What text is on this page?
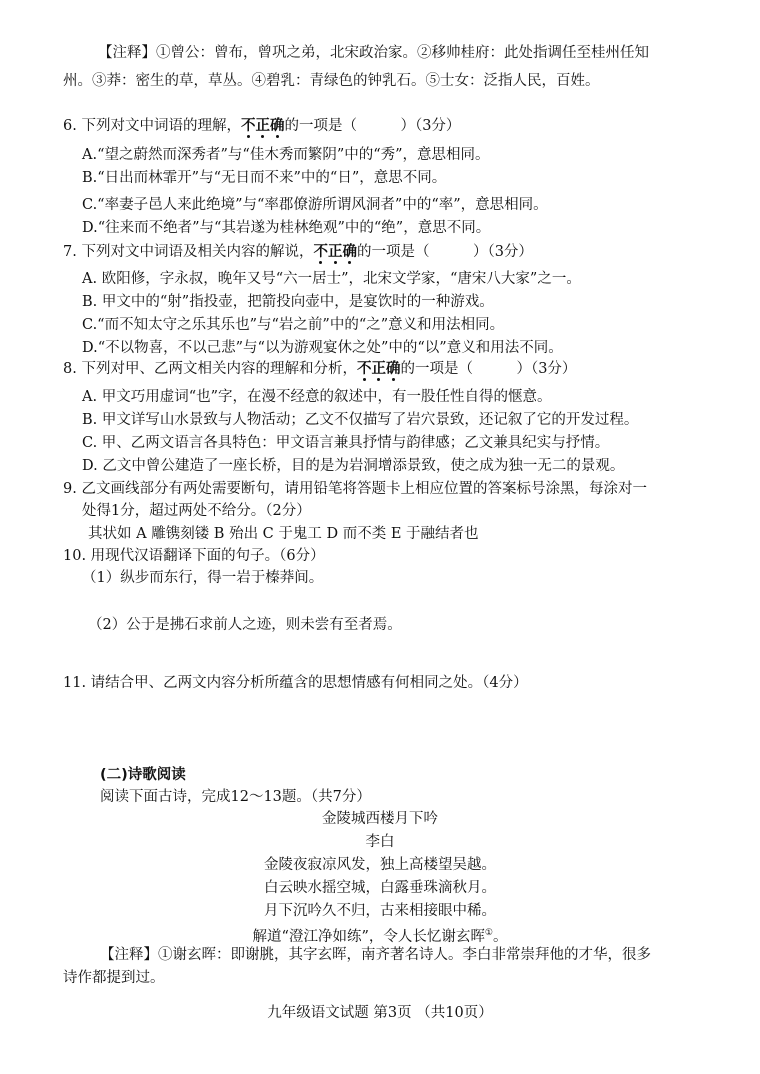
【注释】①曾公：曾布，曾巩之弟，北宋政治家。②移帅桂府：此处指调任至桂州任知
州。③莽：密生的草，草丛。④碧乳：青绿色的钟乳石。⑤士女：泛指人民，百姓。
6. 下列对文中词语的理解，不
正
确
的一项是（　　　）（3分）
A.“望之蔚然而深秀者”与“佳木秀而繁阴”中的“秀”，意思相同。
B.“日出而林霏开”与“无日而不来”中的“日”，意思不同。
C.“率妻子邑人来此绝境”与“率郡僚游所谓风洞者”中的“率”，意思相同。
D.“往来而不绝者”与“其岩遂为桂林绝观”中的“绝”，意思不同。
7. 下列对文中词语及相关内容的解说，不
正
确
的一项是（　　　）（3分）
A. 欧阳修，字永叔，晚年又号“六一居士”，北宋文学家，“唐宋八大家”之一。
B. 甲文中的“射”指投壶，把箭投向壶中，是宴饮时的一种游戏。
C.“而不知太守之乐其乐也”与“岩之前”中的“之”意义和用法相同。
D.“不以物喜，不以己悲”与“以为游观宴休之处”中的“以”意义和用法不同。
8. 下列对甲、乙两文相关内容的理解和分析，不
正
确
的一项是（　　　）（3分）
A. 甲文巧用虚词“也”字，在漫不经意的叙述中，有一股任性自得的惬意。
B. 甲文详写山水景致与人物活动；乙文不仅描写了岩穴景致，还记叙了它的开发过程。
C. 甲、乙两文语言各具特色：甲文语言兼具抒情与韵律感；乙文兼具纪实与抒情。
D. 乙文中曾公建造了一座长桥，目的是为岩洞增添景致，使之成为独一无二的景观。
9. 乙文画线部分有两处需要断句，请用铅笔将答题卡上相应位置的答案标号涂黑，每涂对一
处得1分，超过两处不给分。（2分）
其状如 A 雕镌刻镂 B 殆出 C 于鬼工 D 而不类 E 于融结者也
10. 用现代汉语翻译下面的句子。（6分）
（1）纵步而东行，得一岩于榛莽间。
（2）公于是拂石求前人之迹，则未尝有至者焉。
11. 请结合甲、乙两文内容分析所蕴含的思想情感有何相同之处。（4分）
(二)诗歌阅读
阅读下面古诗，完成12～13题。（共7分）
金陵城西楼月下吟
李白
金陵夜寂凉风发，独上高楼望吴越。
白云映水摇空城，白露垂珠滴秋月。
月下沉吟久不归，古来相接眼中稀。
解道“澄江净如练”，令人长忆谢玄晖①。
【注释】①谢玄晖：即谢朓，其字玄晖，南齐著名诗人。李白非常崇拜他的才华，很多
诗作都提到过。
九年级语文试题 第3页 （共10页）
